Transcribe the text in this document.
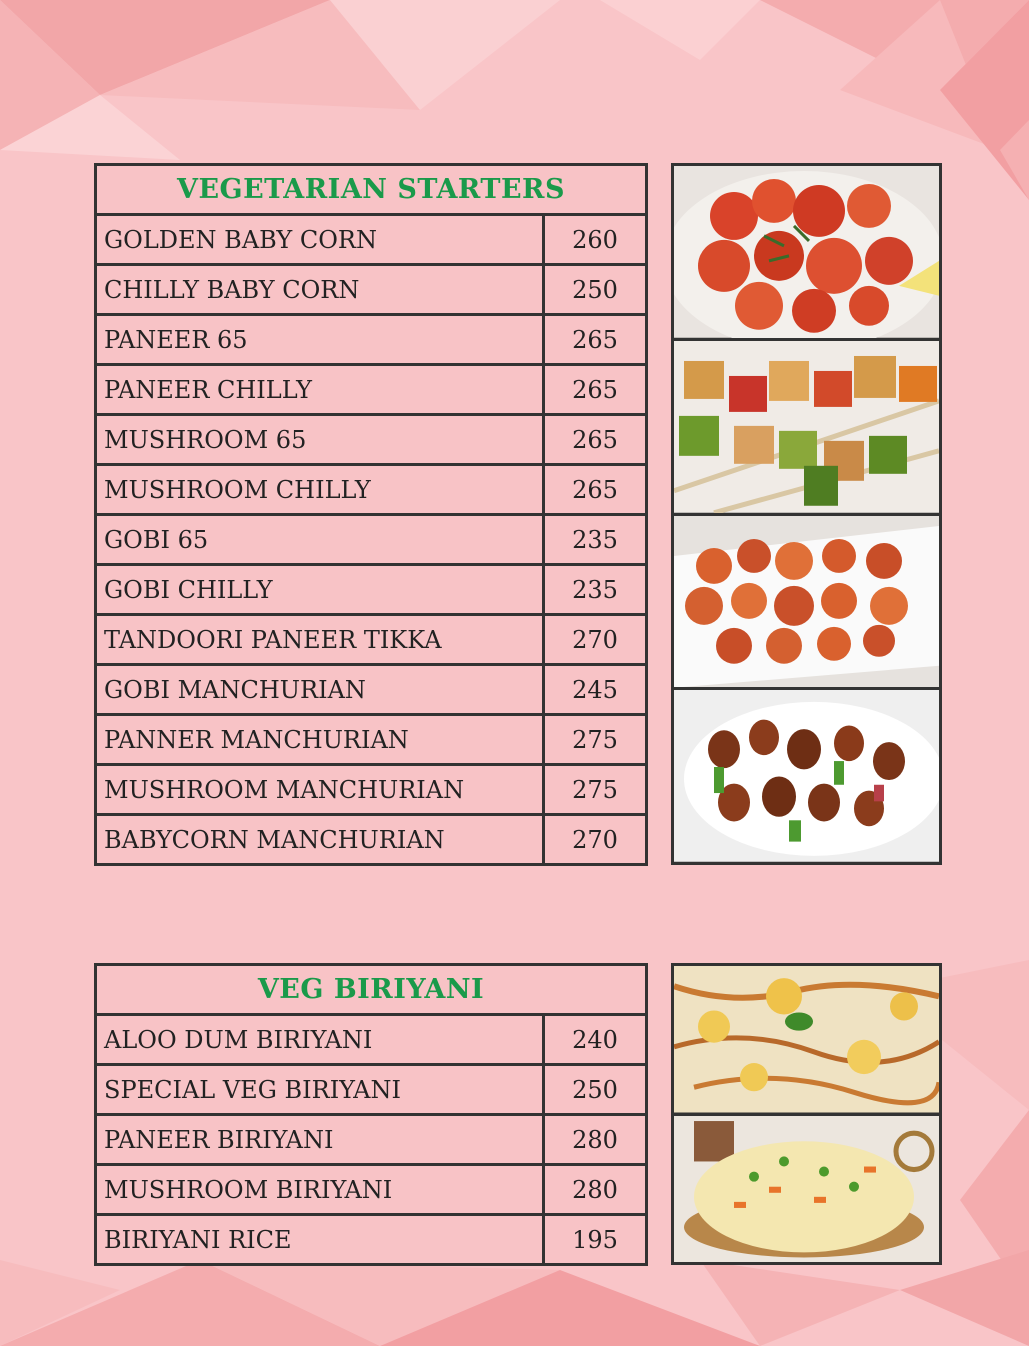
VEGETARIAN STARTERS
GOLDEN BABY CORN	260
CHILLY BABY CORN	250
PANEER 65	265
PANEER CHILLY	265
MUSHROOM 65	265
MUSHROOM CHILLY	265
GOBI 65	235
GOBI CHILLY	235
TANDOORI PANEER TIKKA	270
GOBI MANCHURIAN	245
PANNER MANCHURIAN	275
MUSHROOM MANCHURIAN	275
BABYCORN MANCHURIAN	270
VEG BIRIYANI
ALOO DUM BIRIYANI	240
SPECIAL VEG BIRIYANI	250
PANEER BIRIYANI	280
MUSHROOM BIRIYANI	280
BIRIYANI RICE	195
